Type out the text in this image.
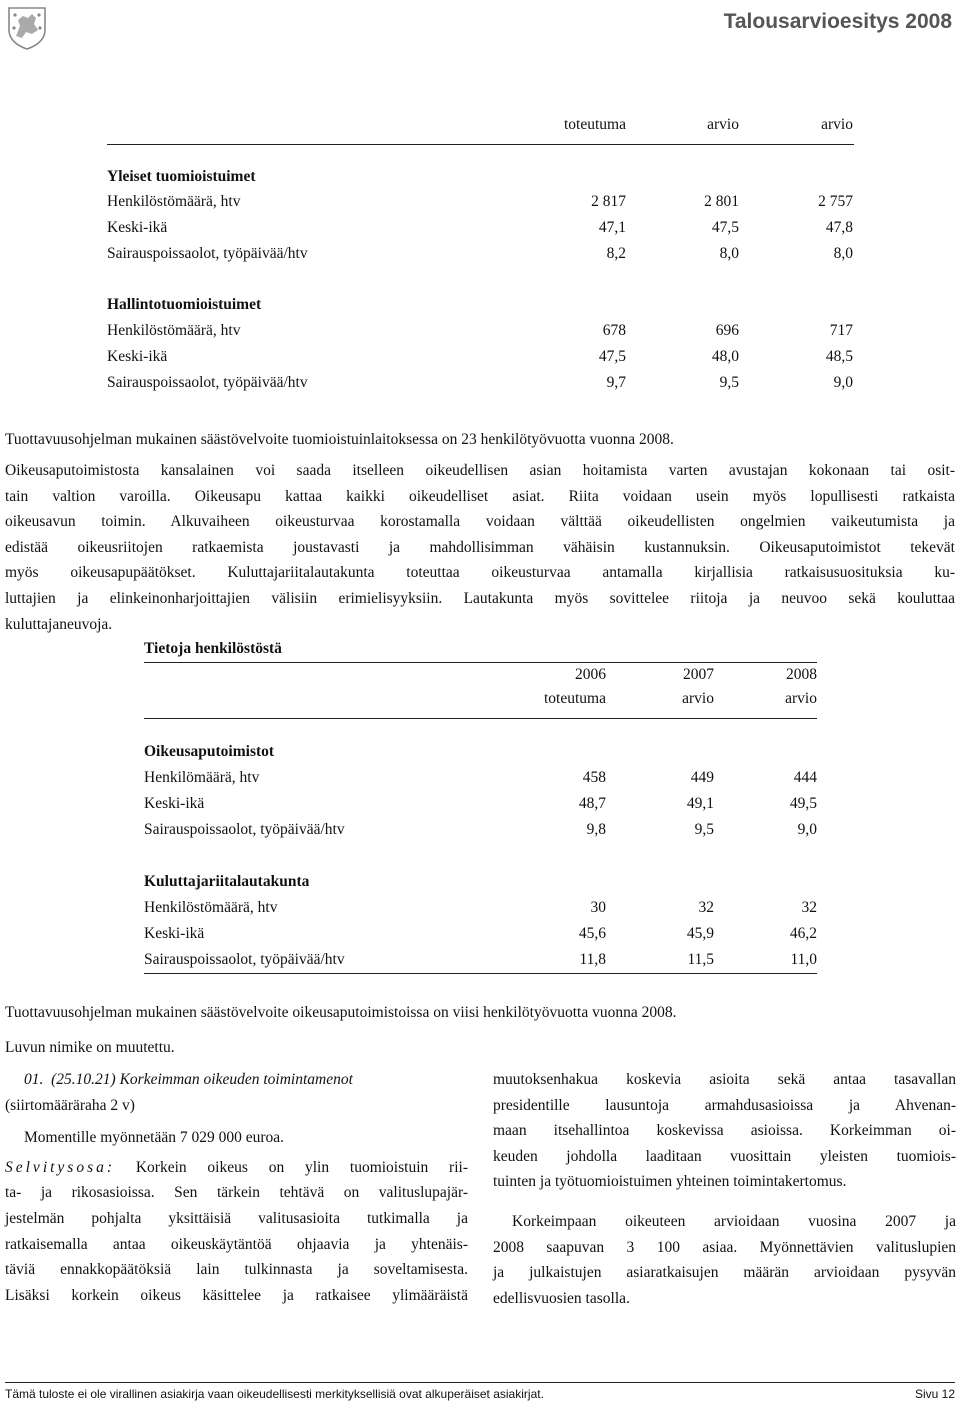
Talousarvioesitys 2008
toteutuma	arvio	arvio
Yleiset tuomioistuimet
Henkilöstömäärä, htv	2 817	2 801	2 757
Keski-ikä	47,1	47,5	47,8
Sairauspoissaolot, työpäivää/htv	8,2	8,0	8,0
Hallintotuomioistuimet
Henkilöstömäärä, htv	678	696	717
Keski-ikä	47,5	48,0	48,5
Sairauspoissaolot, työpäivää/htv	9,7	9,5	9,0
Tuottavuusohjelman mukainen säästövelvoite tuomioistuinlaitoksessa on 23 henkilötyövuotta vuonna 2008.
Oikeusaputoimistosta kansalainen voi saada itselleen oikeudellisen asian hoitamista varten avustajan kokonaan tai osit-
tain valtion varoilla. Oikeusapu kattaa kaikki oikeudelliset asiat. Riita voidaan usein myös lopullisesti ratkaista
oikeusavun toimin. Alkuvaiheen oikeusturvaa korostamalla voidaan välttää oikeudellisten ongelmien vaikeutumista ja
edistää oikeusriitojen ratkaemista joustavasti ja mahdollisimman vähäisin kustannuksin. Oikeusaputoimistot tekevät
myös oikeusapupäätökset. Kuluttajariitalautakunta toteuttaa oikeusturvaa antamalla kirjallisia ratkaisusuosituksia ku-
luttajien ja elinkeinonharjoittajien välisiin erimielisyyksiin. Lautakunta myös sovittelee riitoja ja neuvoo sekä kouluttaa
kuluttajaneuvoja.
Tietoja henkilöstöstä
2006	2007	2008
toteutuma	arvio	arvio
Oikeusaputoimistot
Henkilömäärä, htv	458	449	444
Keski-ikä	48,7	49,1	49,5
Sairauspoissaolot, työpäivää/htv	9,8	9,5	9,0
Kuluttajariitalautakunta
Henkilöstömäärä, htv	30	32	32
Keski-ikä	45,6	45,9	46,2
Sairauspoissaolot, työpäivää/htv	11,8	11,5	11,0
Tuottavuusohjelman mukainen säästövelvoite oikeusaputoimistoissa on viisi henkilötyövuotta vuonna 2008.
Luvun nimike on muutettu.
01. (25.10.21) Korkeimman oikeuden toimintamenot
(siirtomääräraha 2 v)
Momentille myönnetään 7 029 000 euroa.
Selvitysosa: Korkein oikeus on ylin tuomioistuin rii-
ta- ja rikosasioissa. Sen tärkein tehtävä on valituslupajär-
jestelmän pohjalta yksittäisiä valitusasioita tutkimalla ja
ratkaisemalla antaa oikeuskäytäntöä ohjaavia ja yhtenäis-
täviä ennakkopäätöksiä lain tulkinnasta ja soveltamisesta.
Lisäksi korkein oikeus käsittelee ja ratkaisee ylimääräistä
muutoksenhakua koskevia asioita sekä antaa tasavallan
presidentille lausuntoja armahdusasioissa ja Ahvenan-
maan itsehallintoa koskevissa asioissa. Korkeimman oi-
keuden johdolla laaditaan vuosittain yleisten tuomiois-
tuinten ja työtuomioistuimen yhteinen toimintakertomus.
Korkeimpaan oikeuteen arvioidaan vuosina 2007 ja
2008 saapuvan 3 100 asiaa. Myönnettävien valituslupien
ja julkaistujen asiaratkaisujen määrän arvioidaan pysyvän
edellisvuosien tasolla.
Tämä tuloste ei ole virallinen asiakirja vaan oikeudellisesti merkityksellisiä ovat alkuperäiset asiakirjat.	Sivu 12
